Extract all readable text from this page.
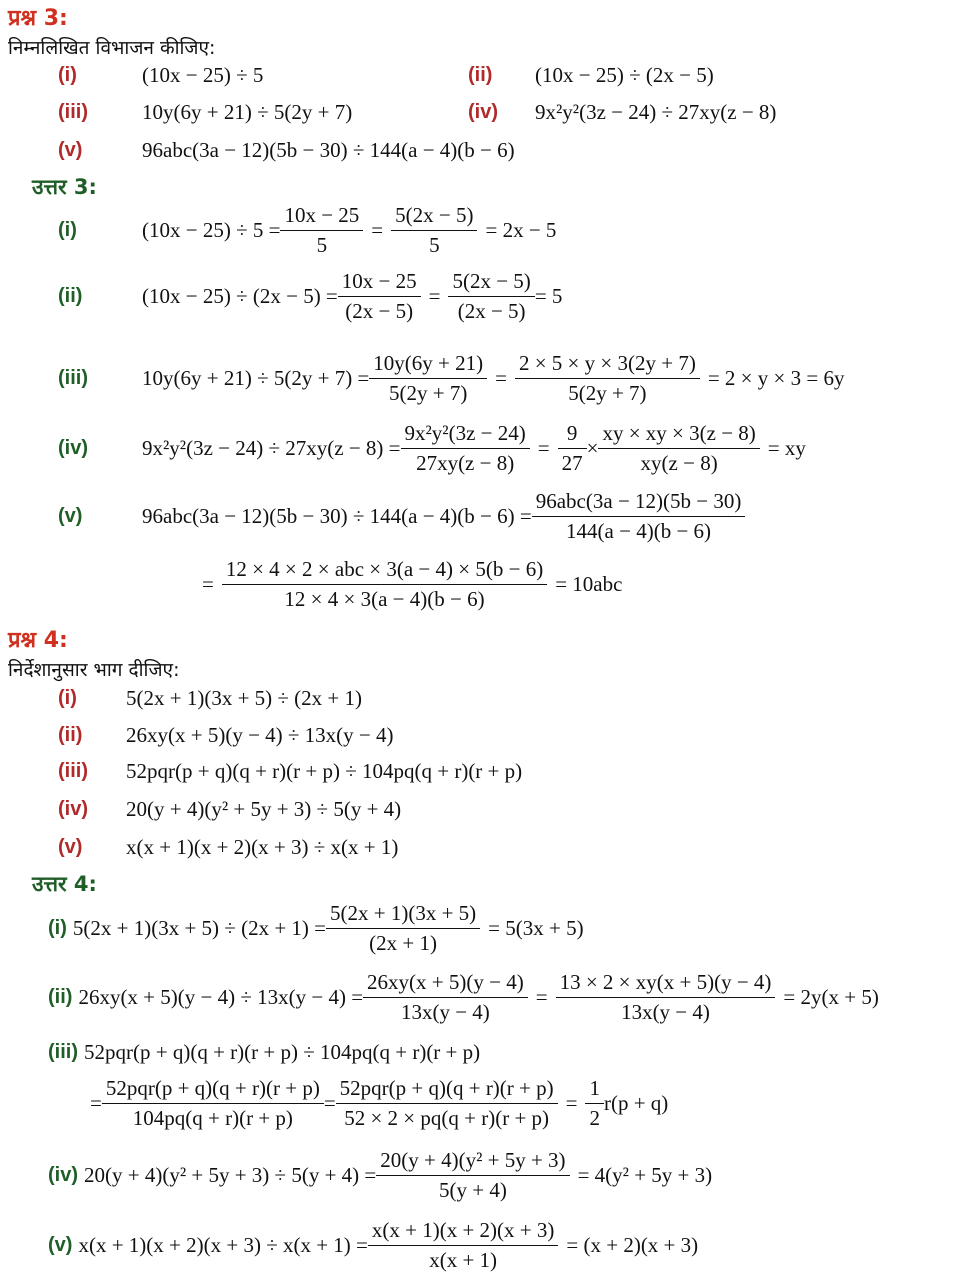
प्रश्न 3:
निम्नलिखित विभाजन कीजिए:
(i)	(10x − 25) ÷ 5	(ii) (10x − 25) ÷ (2x − 5)
(iii)	10y(6y + 21) ÷ 5(2y + 7)	(iv) 9x²y²(3z − 24) ÷ 27xy(z − 8)
(v)	96abc(3a − 12)(5b − 30) ÷ 144(a − 4)(b − 6)
उत्तर 3:
(i)	$(10x - 25) \div 5 = \frac{10x - 25}{5} = \frac{5(2x - 5)}{5} = 2x - 5$
(ii)	$(10x - 25) \div (2x - 5) = \frac{10x - 25}{(2x - 5)} = \frac{5(2x - 5)}{(2x - 5)} = 5$
(iii)	$10y(6y + 21) \div 5(2y + 7) = \frac{10y(6y + 21)}{5(2y + 7)} = \frac{2 \times 5 \times y \times 3(2y + 7)}{5(2y + 7)} = 2 \times y \times 3 = 6y$
(iv)	$9x^2y^2(3z - 24) \div 27xy(z - 8) = \frac{\text{9x²y²(3z − 24)}}{27xy(z - 8)} = \frac{9}{27} \times \frac{xy \times xy \times 3(z - 8)}{xy(z - 8)}$ = xy
(v)	$96abc(3a - 12)(5b - 30) \div 144(a - 4)(b - 6) = \frac{\text{96abc(3a − 12)(5b − 30)}}{144(a - 4)(b - 6)}$
= $\frac{\text{12 × 4 × 2 × abc × 3(a − 4) × 5(b − 6)}}{12 \times 4 \times 3(a - 4)(b - 6)} = 10abc$
प्रश्न 4:
निर्देशानुसार भाग दीजिए:
(i) 5(2x + 1)(3x + 5) ÷ (2x + 1)
(ii) 26xy(x + 5)(y − 4) ÷ 13x(y − 4)
(iii) 52pqr(p + q)(q + r)(r + p) ÷ 104pq(q + r)(r + p)
(iv) 20(y + 4)(y² + 5y + 3) ÷ 5(y + 4)
(v) x(x + 1)(x + 2)(x + 3) ÷ x(x + 1)
उत्तर 4:
(i) $5(2x + 1)(3x + 5) \div (2x + 1) = \frac{5(2x + 1)(3x + 5)}{(2x + 1)} = 5(3x + 5)$
(ii) $26xy(x + 5)(y - 4) \div 13x(y - 4) = \frac{26xy(x + 5)(y - 4)}{13x(y - 4)} = \frac{13 \times 2 \times xy(x + 5)(y - 4)}{13x(y - 4)} = 2y(x + 5)$
(iii) 52pqr(p + q)(q + r)(r + p) ÷ 104pq(q + r)(r + p)
= $\frac{\text{52pqr(p + q)(q + r)(r + p)}}{104pq(q + r)(r + p)} = \frac{\text{52pqr(p + q)(q + r)(r + p)}}{52 \times 2 \times pq(q + r)(r + p)} = \frac{1}{2} r(p + q)$
(iv) $20(y + 4)(y^2 + 5y + 3) \div 5(y + 4) = \frac{\text{20(y + 4)(y² + 5y + 3)}}{5(y + 4)} = 4(y^2 + 5y + 3)$
(v) $x(x + 1)(x + 2)(x + 3) \div x(x + 1) = \frac{x(x + 1)(x + 2)(x + 3)}{x(x + 1)} = (x + 2)(x + 3)$
